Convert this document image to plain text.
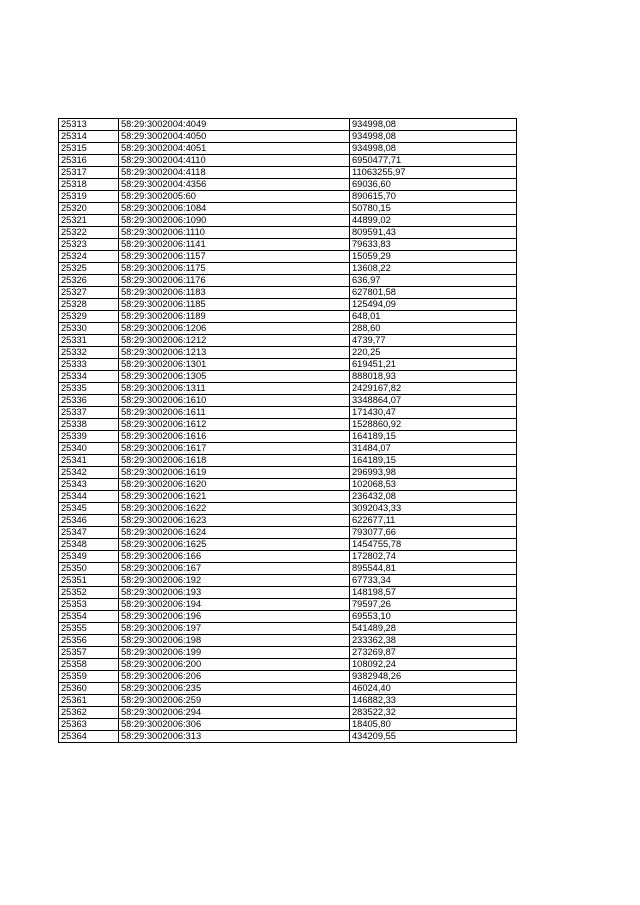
25313	58:29:3002004:4049	934998,08
25314	58:29:3002004:4050	934998,08
25315	58:29:3002004:4051	934998,08
25316	58:29:3002004:4110	6950477,71
25317	58:29:3002004:4118	11063255,97
25318	58:29:3002004:4356	69036,60
25319	58:29:3002005:60	890615,70
25320	58:29:3002006:1084	50780,15
25321	58:29:3002006:1090	44899,02
25322	58:29:3002006:1110	809591,43
25323	58:29:3002006:1141	79633,83
25324	58:29:3002006:1157	15059,29
25325	58:29:3002006:1175	13608,22
25326	58:29:3002006:1176	636,97
25327	58:29:3002006:1183	627801,58
25328	58:29:3002006:1185	125494,09
25329	58:29:3002006:1189	648,01
25330	58:29:3002006:1206	288,60
25331	58:29:3002006:1212	4739,77
25332	58:29:3002006:1213	220,25
25333	58:29:3002006:1301	619451,21
25334	58:29:3002006:1305	888018,93
25335	58:29:3002006:1311	2429167,82
25336	58:29:3002006:1610	3348864,07
25337	58:29:3002006:1611	171430,47
25338	58:29:3002006:1612	1528860,92
25339	58:29:3002006:1616	164189,15
25340	58:29:3002006:1617	31484,07
25341	58:29:3002006:1618	164189,15
25342	58:29:3002006:1619	296993,98
25343	58:29:3002006:1620	102068,53
25344	58:29:3002006:1621	236432,08
25345	58:29:3002006:1622	3092043,33
25346	58:29:3002006:1623	622677,11
25347	58:29:3002006:1624	793077,66
25348	58:29:3002006:1625	1454755,78
25349	58:29:3002006:166	172802,74
25350	58:29:3002006:167	895544,81
25351	58:29:3002006:192	67733,34
25352	58:29:3002006:193	148198,57
25353	58:29:3002006:194	79597,26
25354	58:29:3002006:196	69553,10
25355	58:29:3002006:197	541489,28
25356	58:29:3002006:198	233362,38
25357	58:29:3002006:199	273269,87
25358	58:29:3002006:200	108092,24
25359	58:29:3002006:206	9382948,26
25360	58:29:3002006:235	46024,40
25361	58:29:3002006:259	146882,33
25362	58:29:3002006:294	283522,32
25363	58:29:3002006:306	18405,80
25364	58:29:3002006:313	434209,55
